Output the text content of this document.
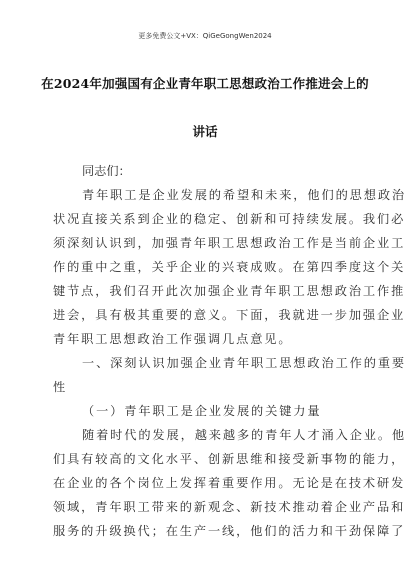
更多免费公文+VX：QiGeGongWen2024
在2024年加强国有企业青年职工思想政治工作推进会上的
讲话
同志们：
青年职工是企业发展的希望和未来，他们的思想政治
状况直接关系到企业的稳定、创新和可持续发展。我们必
须深刻认识到，加强青年职工思想政治工作是当前企业工
作的重中之重，关乎企业的兴衰成败。在第四季度这个关
键节点，我们召开此次加强企业青年职工思想政治工作推
进会，具有极其重要的意义。下面，我就进一步加强企业
青年职工思想政治工作强调几点意见。
一、深刻认识加强企业青年职工思想政治工作的重要
性
（一）青年职工是企业发展的关键力量
随着时代的发展，越来越多的青年人才涌入企业。他
们具有较高的文化水平、创新思维和接受新事物的能力，
在企业的各个岗位上发挥着重要作用。无论是在技术研发
领域，青年职工带来的新观念、新技术推动着企业产品和
服务的升级换代；在生产一线，他们的活力和干劲保障了
